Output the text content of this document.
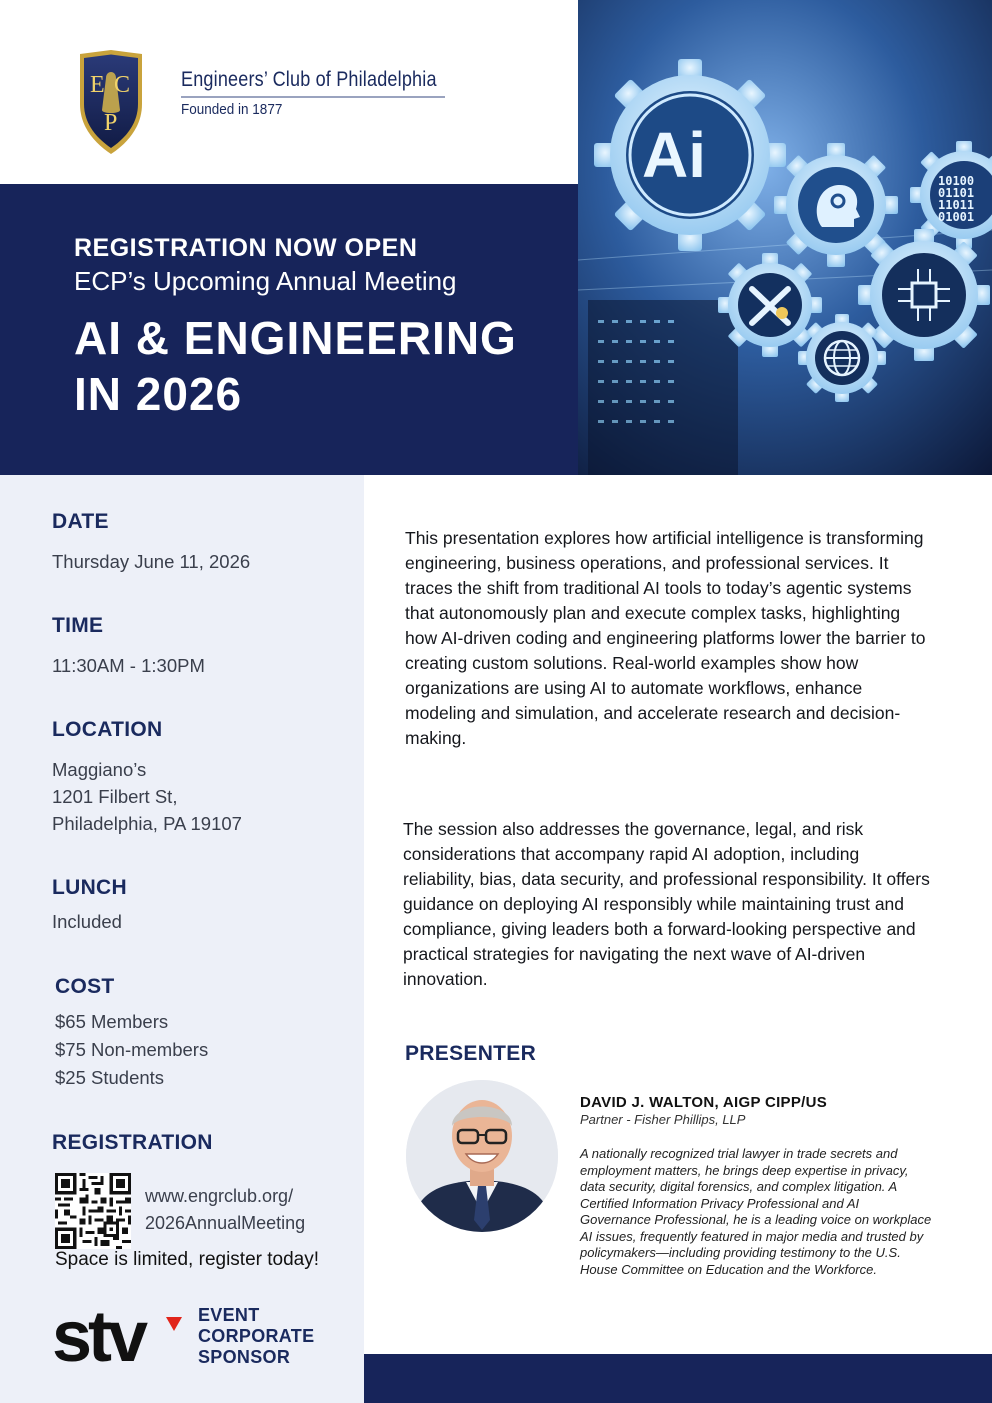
E C
P
Engineers’ Club of Philadelphia
Founded in 1877
REGISTRATION NOW OPEN
ECP’s Upcoming Annual Meeting
AI & ENGINEERING
IN 2026
Ai	10100
01101
11011
01001
DATE
Thursday June 11, 2026
TIME
11:30AM - 1:30PM
LOCATION
Maggiano’s
1201 Filbert St,
Philadelphia, PA 19107
LUNCH
Included
COST
$65 Members
$75 Non-members
$25 Students
REGISTRATION
www.engrclub.org/
2026AnnualMeeting
Space is limited, register today!
stv	EVENT
CORPORATE
SPONSOR
This presentation explores how artificial intelligence is transforming engineering, business operations, and professional services. It traces the shift from traditional AI tools to today’s agentic systems that autonomously plan and execute complex tasks, highlighting how AI-driven coding and engineering platforms lower the barrier to creating custom solutions. Real-world examples show how organizations are using AI to automate workflows, enhance modeling and simulation, and accelerate research and decision-making.
The session also addresses the governance, legal, and risk considerations that accompany rapid AI adoption, including reliability, bias, data security, and professional responsibility. It offers guidance on deploying AI responsibly while maintaining trust and compliance, giving leaders both a forward-looking perspective and practical strategies for navigating the next wave of AI-driven innovation.
PRESENTER
DAVID J. WALTON, AIGP CIPP/US
Partner - Fisher Phillips, LLP
A nationally recognized trial lawyer in trade secrets and employment matters, he brings deep expertise in privacy, data security, digital forensics, and complex litigation. A Certified Information Privacy Professional and AI Governance Professional, he is a leading voice on workplace AI issues, frequently featured in major media and trusted by policymakers—including providing testimony to the U.S. House Committee on Education and the Workforce.
